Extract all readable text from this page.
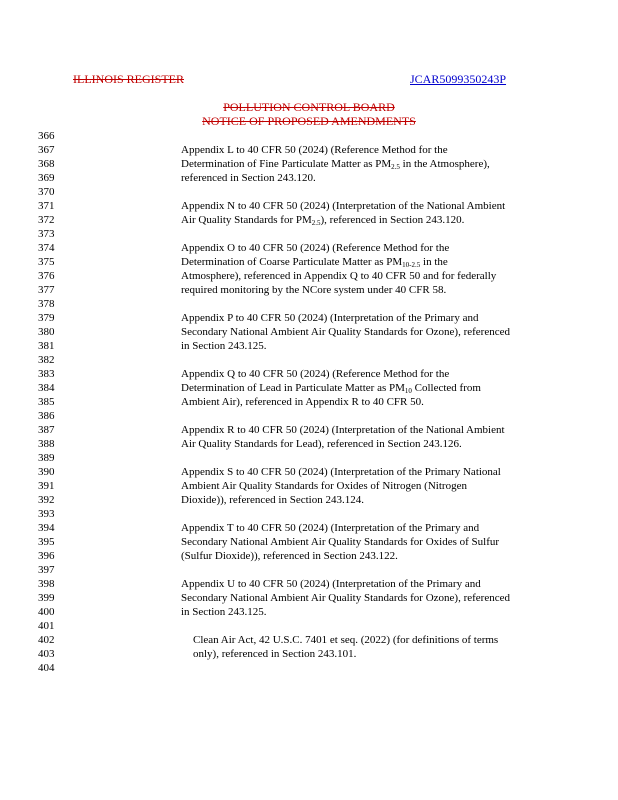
ILLINOIS REGISTER	JCAR5099350243P
POLLUTION CONTROL BOARD
NOTICE OF PROPOSED AMENDMENTS
366
367
368
369
370
371
372
373
374
375
376
377
378
379
380
381
382
383
384
385
386
387
388
389
390
391
392
393
394
395
396
397
398
399
400
401
402
403
404
Appendix L to 40 CFR 50 (2024) (Reference Method for the
Determination of Fine Particulate Matter as $PM_{2.5}$ in the Atmosphere),
referenced in Section 243.120.
Appendix N to 40 CFR 50 (2024) (Interpretation of the National Ambient
Air Quality Standards for $PM_{2.5}$), referenced in Section 243.120.
Appendix O to 40 CFR 50 (2024) (Reference Method for the
Determination of Coarse Particulate Matter as $PM_{10-2.5}$ in the
Atmosphere), referenced in Appendix Q to 40 CFR 50 and for federally
required monitoring by the NCore system under 40 CFR 58.
Appendix P to 40 CFR 50 (2024) (Interpretation of the Primary and
Secondary National Ambient Air Quality Standards for Ozone), referenced
in Section 243.125.
Appendix Q to 40 CFR 50 (2024) (Reference Method for the
Determination of Lead in Particulate Matter as $PM_{10}$ Collected from
Ambient Air), referenced in Appendix R to 40 CFR 50.
Appendix R to 40 CFR 50 (2024) (Interpretation of the National Ambient
Air Quality Standards for Lead), referenced in Section 243.126.
Appendix S to 40 CFR 50 (2024) (Interpretation of the Primary National
Ambient Air Quality Standards for Oxides of Nitrogen (Nitrogen
Dioxide)), referenced in Section 243.124.
Appendix T to 40 CFR 50 (2024) (Interpretation of the Primary and
Secondary National Ambient Air Quality Standards for Oxides of Sulfur
(Sulfur Dioxide)), referenced in Section 243.122.
Appendix U to 40 CFR 50 (2024) (Interpretation of the Primary and
Secondary National Ambient Air Quality Standards for Ozone), referenced
in Section 243.125.
Clean Air Act, 42 U.S.C. 7401 et seq. (2022) (for definitions of terms
only), referenced in Section 243.101.
